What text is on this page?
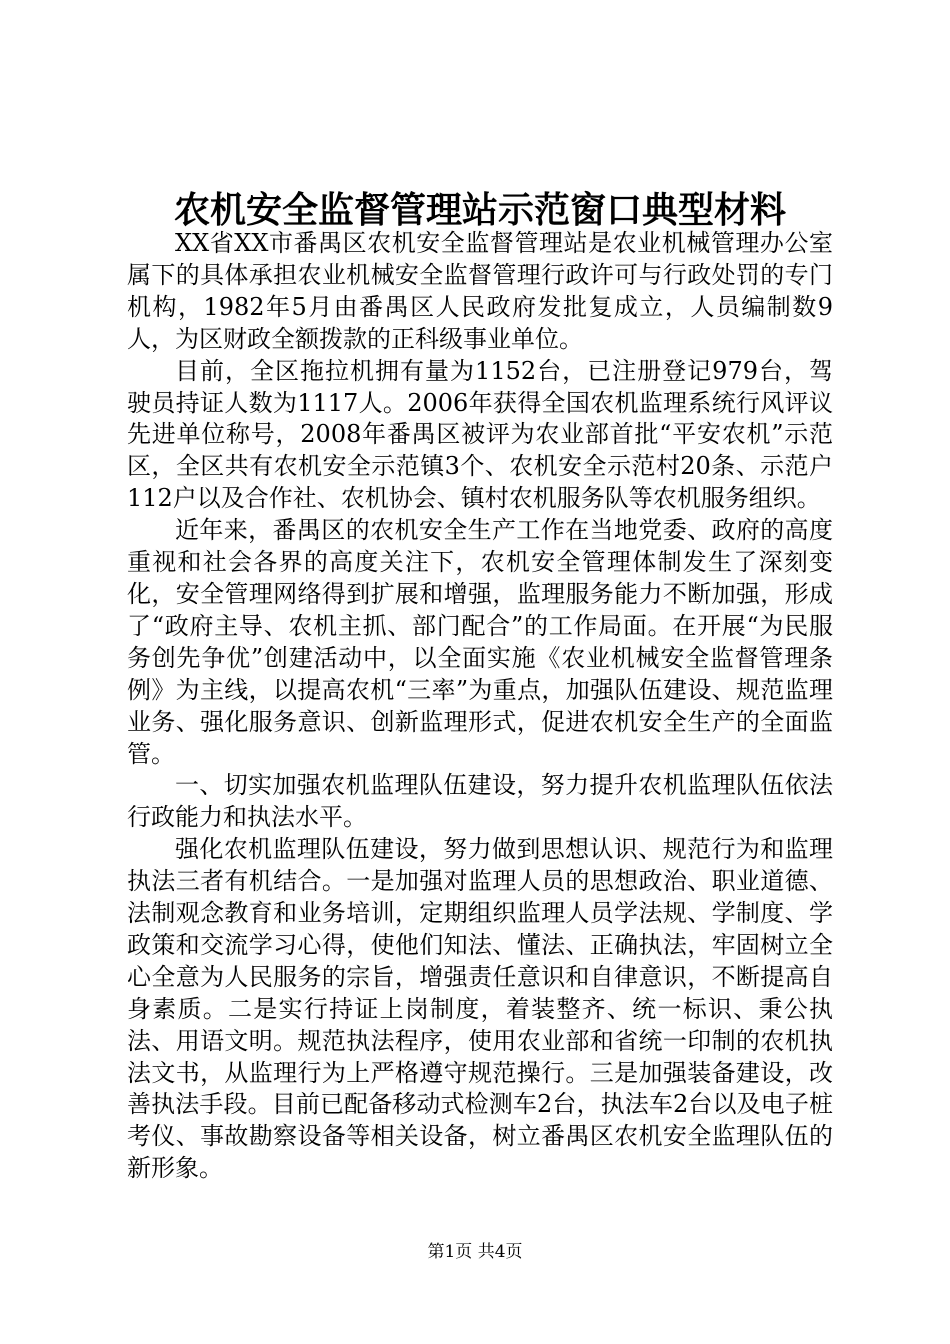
农机安全监督管理站示范窗口典型材料

XX省XX市番禺区农机安全监督管理站是农业机械管理办公室属下的具体承担农业机械安全监督管理行政许可与行政处罚的专门机构，1982年5月由番禺区人民政府发批复成立，人员编制数9人，为区财政全额拨款的正科级事业单位。

目前，全区拖拉机拥有量为1152台，已注册登记979台，驾驶员持证人数为1117人。2006年获得全国农机监理系统行风评议先进单位称号，2008年番禺区被评为农业部首批“平安农机”示范区，全区共有农机安全示范镇3个、农机安全示范村20条、示范户112户以及合作社、农机协会、镇村农机服务队等农机服务组织。

近年来，番禺区的农机安全生产工作在当地党委、政府的高度重视和社会各界的高度关注下，农机安全管理体制发生了深刻变化，安全管理网络得到扩展和增强，监理服务能力不断加强，形成了“政府主导、农机主抓、部门配合”的工作局面。在开展“为民服务创先争优”创建活动中，以全面实施《农业机械安全监督管理条例》为主线，以提高农机“三率”为重点，加强队伍建设、规范监理业务、强化服务意识、创新监理形式，促进农机安全生产的全面监管。

一、切实加强农机监理队伍建设，努力提升农机监理队伍依法行政能力和执法水平。

强化农机监理队伍建设，努力做到思想认识、规范行为和监理执法三者有机结合。一是加强对监理人员的思想政治、职业道德、法制观念教育和业务培训，定期组织监理人员学法规、学制度、学政策和交流学习心得，使他们知法、懂法、正确执法，牢固树立全心全意为人民服务的宗旨，增强责任意识和自律意识，不断提高自身素质。二是实行持证上岗制度，着装整齐、统一标识、秉公执法、用语文明。规范执法程序，使用农业部和省统一印制的农机执法文书，从监理行为上严格遵守规范操行。三是加强装备建设，改善执法手段。目前已配备移动式检测车2台，执法车2台以及电子桩考仪、事故勘察设备等相关设备，树立番禺区农机安全监理队伍的新形象。

第1页 共4页
